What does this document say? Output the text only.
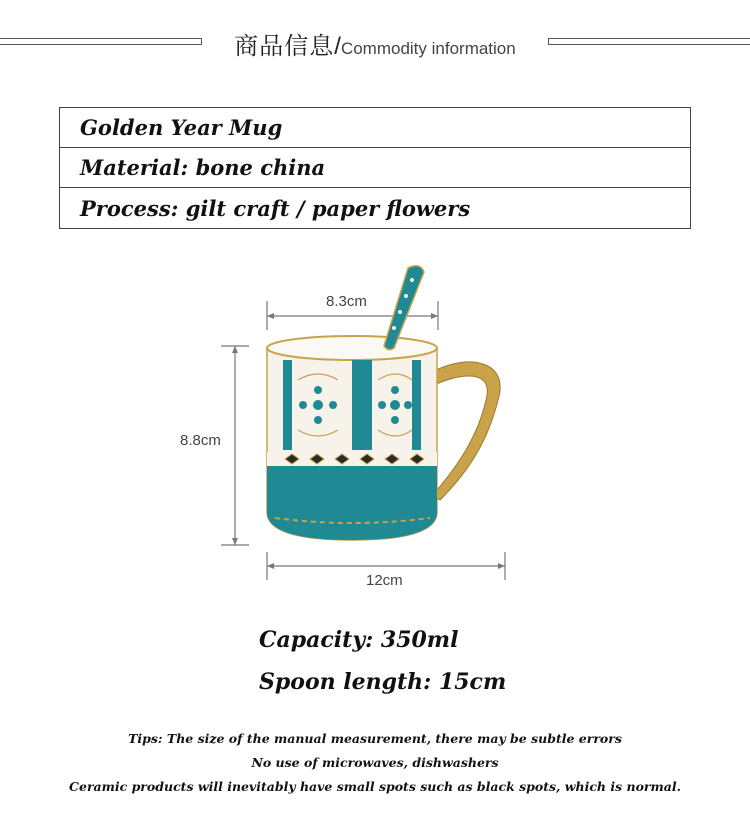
商品信息/Commodity information
Golden Year Mug
Material: bone china
Process: gilt craft / paper flowers
8.3cm
8.8cm
12cm
Capacity: 350ml
Spoon length: 15cm
Tips: The size of the manual measurement, there may be subtle errors
No use of microwaves, dishwashers
Ceramic products will inevitably have small spots such as black spots, which is normal.
